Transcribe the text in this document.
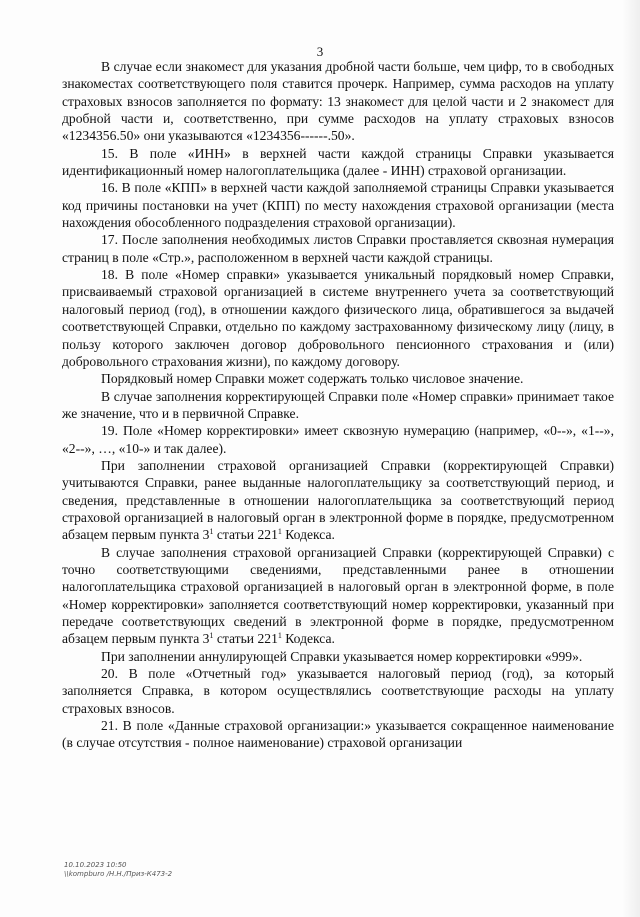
3

В случае если знакомест для указания дробной части больше, чем цифр, то в свободных знакоместах соответствующего поля ставится прочерк. Например, сумма расходов на уплату страховых взносов заполняется по формату: 13 знакомест для целой части и 2 знакомест для дробной части и, соответственно, при сумме расходов на уплату страховых взносов «1234356.50» они указываются «1234356------.50».

15. В поле «ИНН» в верхней части каждой страницы Справки указывается идентификационный номер налогоплательщика (далее - ИНН) страховой организации.

16. В поле «КПП» в верхней части каждой заполняемой страницы Справки указывается код причины постановки на учет (КПП) по месту нахождения страховой организации (места нахождения обособленного подразделения страховой организации).

17. После заполнения необходимых листов Справки проставляется сквозная нумерация страниц в поле «Стр.», расположенном в верхней части каждой страницы.

18. В поле «Номер справки» указывается уникальный порядковый номер Справки, присваиваемый страховой организацией в системе внутреннего учета за соответствующий налоговый период (год), в отношении каждого физического лица, обратившегося за выдачей соответствующей Справки, отдельно по каждому застрахованному физическому лицу (лицу, в пользу которого заключен договор добровольного пенсионного страхования и (или) добровольного страхования жизни), по каждому договору.

Порядковый номер Справки может содержать только числовое значение.

В случае заполнения корректирующей Справки поле «Номер справки» принимает такое же значение, что и в первичной Справке.

19. Поле «Номер корректировки» имеет сквозную нумерацию (например, «0--», «1--», «2--», …, «10-» и так далее).

При заполнении страховой организацией Справки (корректирующей Справки) учитываются Справки, ранее выданные налогоплательщику за соответствующий период, и сведения, представленные в отношении налогоплательщика за соответствующий период страховой организацией в налоговый орган в электронной форме в порядке, предусмотренном абзацем первым пункта $3^1$ статьи $221^1$ Кодекса.

В случае заполнения страховой организацией Справки (корректирующей Справки) с точно соответствующими сведениями, представленными ранее в отношении налогоплательщика страховой организацией в налоговый орган в электронной форме, в поле «Номер корректировки» заполняется соответствующий номер корректировки, указанный при передаче соответствующих сведений в электронной форме в порядке, предусмотренном абзацем первым пункта $3^1$ статьи $221^1$ Кодекса.

При заполнении аннулирующей Справки указывается номер корректировки «999».

20. В поле «Отчетный год» указывается налоговый период (год), за который заполняется Справка, в котором осуществлялись соответствующие расходы на уплату страховых взносов.

21. В поле «Данные страховой организации:» указывается сокращенное наименование (в случае отсутствия - полное наименование) страховой организации

10.10.2023 10:50
\\kompburo /Н.Н./Приз-К473-2
